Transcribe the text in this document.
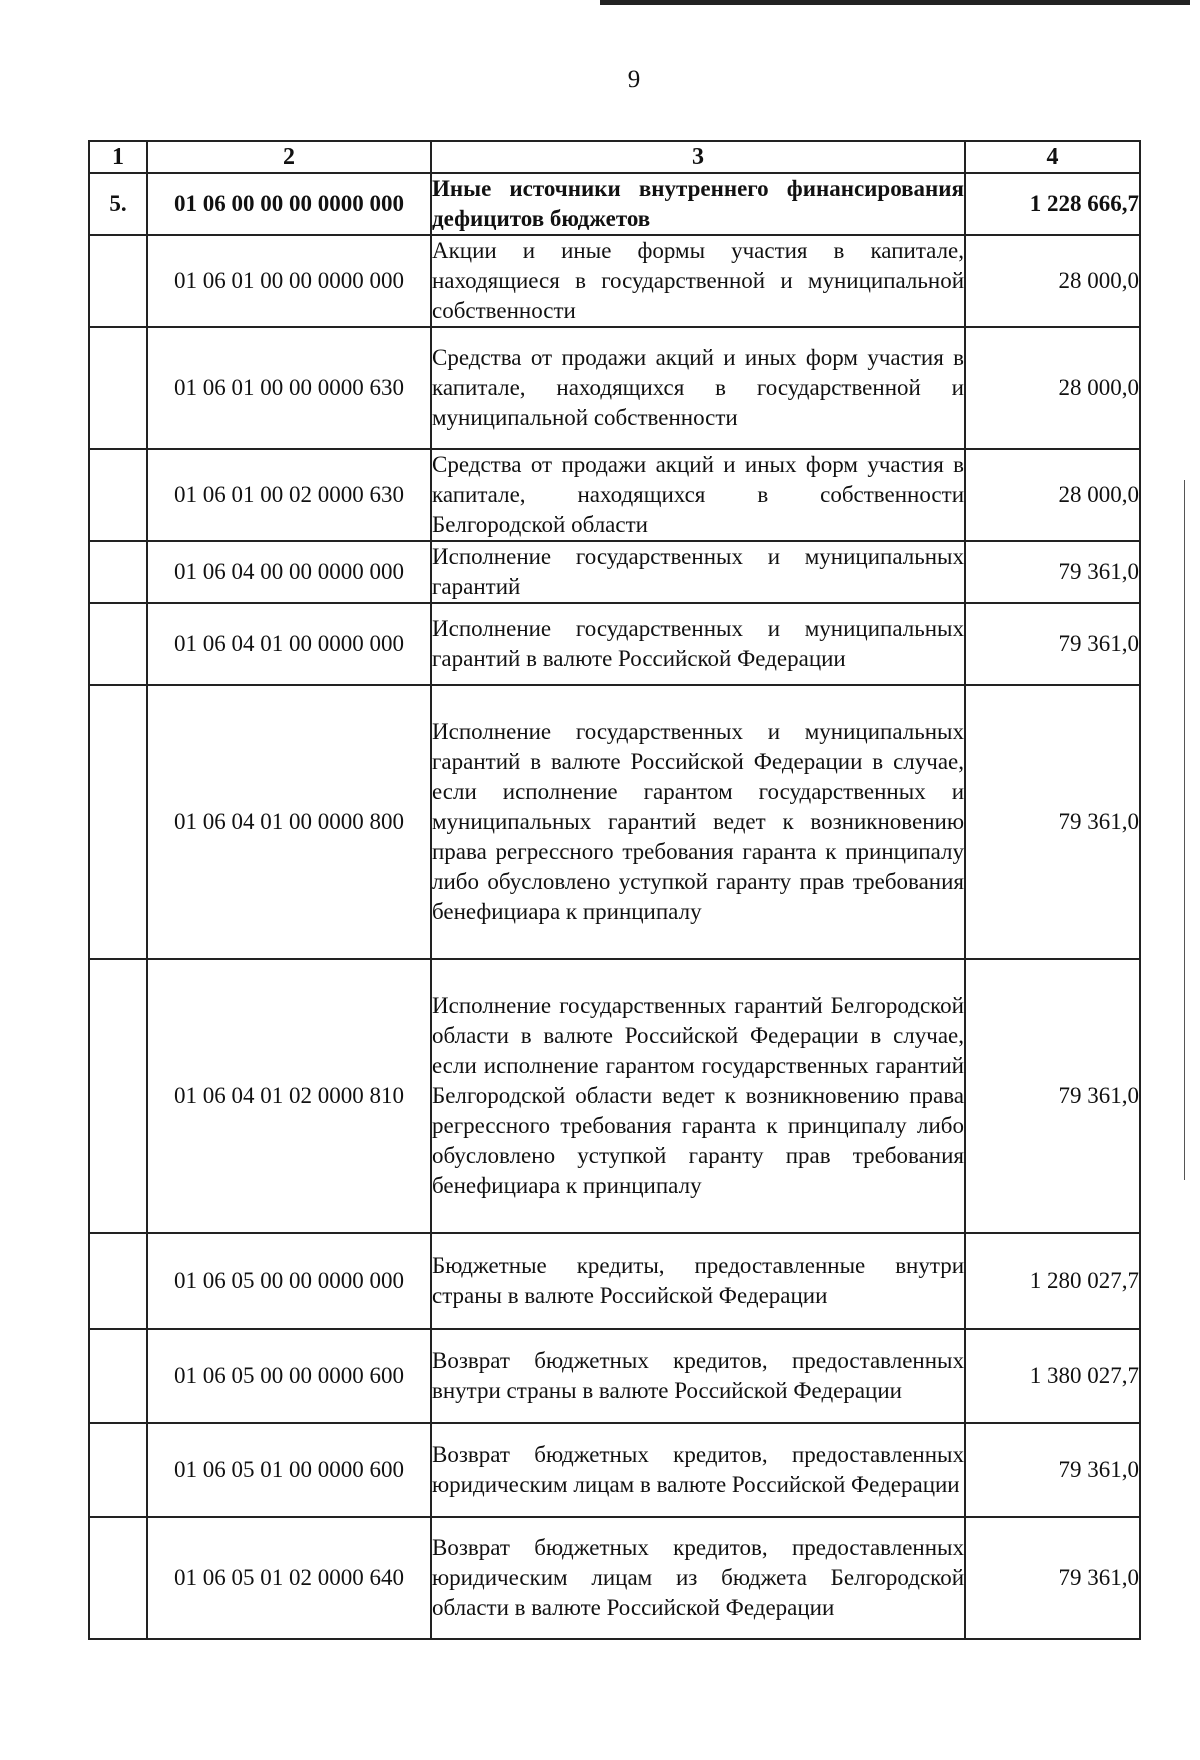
9
1	2	3	4
5.	01 06 00 00 00 0000 000	Иные источники внутреннего финансирования дефицитов бюджетов	1 228 666,7
	01 06 01 00 00 0000 000	Акции и иные формы участия в капитале, находящиеся в государственной и муниципальной собственности	28 000,0
	01 06 01 00 00 0000 630	Средства от продажи акций и иных форм участия в капитале, находящихся в государственной и муниципальной собственности	28 000,0
	01 06 01 00 02 0000 630	Средства от продажи акций и иных форм участия в капитале, находящихся в собственности Белгородской области	28 000,0
	01 06 04 00 00 0000 000	Исполнение государственных и муниципальных гарантий	79 361,0
	01 06 04 01 00 0000 000	Исполнение государственных и муниципальных гарантий в валюте Российской Федерации	79 361,0
	01 06 04 01 00 0000 800	Исполнение государственных и муниципальных гарантий в валюте Российской Федерации в случае, если исполнение гарантом государственных и муниципальных гарантий ведет к возникновению права регрессного требования гаранта к принципалу либо обусловлено уступкой гаранту прав требования бенефициара к принципалу	79 361,0
	01 06 04 01 02 0000 810	Исполнение государственных гарантий Белгородской области в валюте Российской Федерации в случае, если исполнение гарантом государственных гарантий Белгородской области ведет к возникновению права регрессного требования гаранта к принципалу либо обусловлено уступкой гаранту прав требования бенефициара к принципалу	79 361,0
	01 06 05 00 00 0000 000	Бюджетные кредиты, предоставленные внутри страны в валюте Российской Федерации	1 280 027,7
	01 06 05 00 00 0000 600	Возврат бюджетных кредитов, предоставленных внутри страны в валюте Российской Федерации	1 380 027,7
	01 06 05 01 00 0000 600	Возврат бюджетных кредитов, предоставленных юридическим лицам в валюте Российской Федерации	79 361,0
	01 06 05 01 02 0000 640	Возврат бюджетных кредитов, предоставленных юридическим лицам из бюджета Белгородской области в валюте Российской Федерации	79 361,0
